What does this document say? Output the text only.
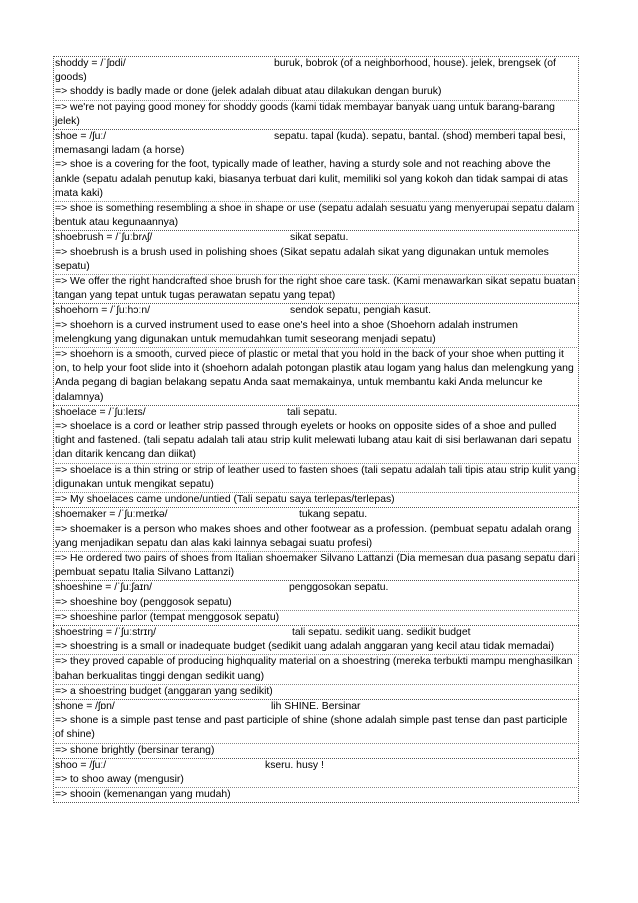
shoddy = /ˈʃɒdi/	buruk, bobrok (of a neighborhood, house). jelek, brengsek (of goods)
=> shoddy is badly made or done (jelek adalah dibuat atau dilakukan dengan buruk)
=> we're not paying good money for shoddy goods (kami tidak membayar banyak uang untuk barang-barang jelek)
shoe = /ʃuː/	sepatu. tapal (kuda). sepatu, bantal. (shod) memberi tapal besi, memasangi ladam (a horse)
=> shoe is a covering for the foot, typically made of leather, having a sturdy sole and not reaching above the ankle (sepatu adalah penutup kaki, biasanya terbuat dari kulit, memiliki sol yang kokoh dan tidak sampai di atas mata kaki)
=> shoe is something resembling a shoe in shape or use (sepatu adalah sesuatu yang menyerupai sepatu dalam bentuk atau kegunaannya)
shoebrush = /ˈʃuːbrʌʃ/	sikat sepatu.
=> shoebrush is a brush used in polishing shoes (Sikat sepatu adalah sikat yang digunakan untuk memoles sepatu)
=> We offer the right handcrafted shoe brush for the right shoe care task. (Kami menawarkan sikat sepatu buatan tangan yang tepat untuk tugas perawatan sepatu yang tepat)
shoehorn = /ˈʃuːhɔːn/	sendok sepatu, pengiah kasut.
=> shoehorn is a curved instrument used to ease one's heel into a shoe (Shoehorn adalah instrumen melengkung yang digunakan untuk memudahkan tumit seseorang menjadi sepatu)
=> shoehorn is a smooth, curved piece of plastic or metal that you hold in the back of your shoe when putting it on, to help your foot slide into it (shoehorn adalah potongan plastik atau logam yang halus dan melengkung yang Anda pegang di bagian belakang sepatu Anda saat memakainya, untuk membantu kaki Anda meluncur ke dalamnya)
shoelace = /ˈʃuːleɪs/	tali sepatu.
=> shoelace is a cord or leather strip passed through eyelets or hooks on opposite sides of a shoe and pulled tight and fastened. (tali sepatu adalah tali atau strip kulit melewati lubang atau kait di sisi berlawanan dari sepatu dan ditarik kencang dan diikat)
=> shoelace is a thin string or strip of leather used to fasten shoes (tali sepatu adalah tali tipis atau strip kulit yang digunakan untuk mengikat sepatu)
=> My shoelaces came undone/untied (Tali sepatu saya terlepas/terlepas)
shoemaker = /ˈʃuːmeɪkə/	tukang sepatu.
=> shoemaker is a person who makes shoes and other footwear as a profession. (pembuat sepatu adalah orang yang menjadikan sepatu dan alas kaki lainnya sebagai suatu profesi)
=> He ordered two pairs of shoes from Italian shoemaker Silvano Lattanzi (Dia memesan dua pasang sepatu dari pembuat sepatu Italia Silvano Lattanzi)
shoeshine = /ˈʃuːʃaɪn/	penggosokan sepatu.
=> shoeshine boy (penggosok sepatu)
=> shoeshine parlor (tempat menggosok sepatu)
shoestring = /ˈʃuːstrɪŋ/	tali sepatu. sedikit uang. sedikit budget
=> shoestring is a small or inadequate budget (sedikit uang adalah anggaran yang kecil atau tidak memadai)
=> they proved capable of producing highquality material on a shoestring (mereka terbukti mampu menghasilkan bahan berkualitas tinggi dengan sedikit uang)
=> a shoestring budget (anggaran yang sedikit)
shone = /ʃɒn/	lih SHINE. Bersinar
=> shone is a simple past tense and past participle of shine (shone adalah simple past tense dan past participle of shine)
=> shone brightly (bersinar terang)
shoo = /ʃuː/	kseru. husy !
=> to shoo away (mengusir)
=> shooin (kemenangan yang mudah)
